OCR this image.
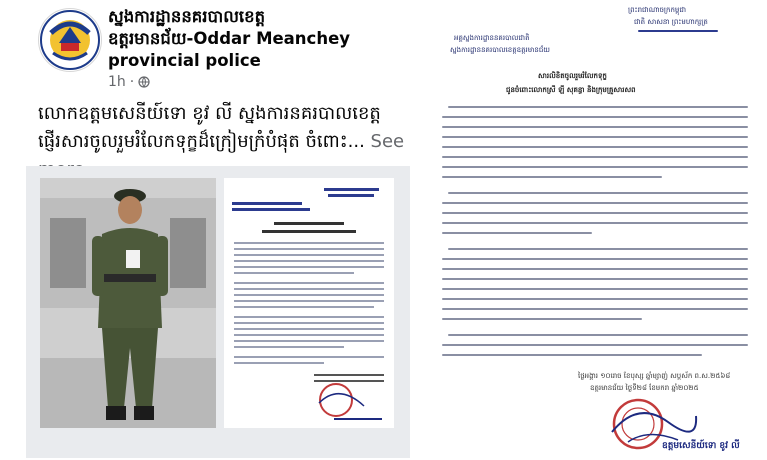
ស្នងការដ្ឋាននគរបាលខេត្ត
ឧត្តរមានជ័យ-Oddar Meanchey
provincial police
1h ·
លោកឧត្តមសេនីយ៍ទោ ខូវ លី ស្នងការនគរបាលខេត្ត ផ្ញើរសារចូលរួមរំលែកទុក្ខដ៏ក្រៀមក្រំបំផុត ចំពោះ... See
ព្រះរាជាណាចក្រកម្ពុជា
ជាតិ សាសនា ព្រះមហាក្សត្រ
អគ្គស្នងការដ្ឋាននគរបាលជាតិ
ស្នងការដ្ឋាននគរបាលខេត្តឧត្តរមានជ័យ
សារលិខិតចូលរួមរំលែកទុក្ខ
ជូនចំពោះលោកស្រី ឡី សុគន្ធា និងក្រុមគ្រួសារសព
ថ្ងៃអង្គារ ១០រោច ខែបុស្ស ឆ្នាំម្សាញ់ សប្តស័ក ព.ស.២៥៦៨
ឧត្តរមានជ័យ ថ្ងៃទី២៨ ខែមករា ឆ្នាំ២០២៥
ឧត្តមសេនីយ៍ទោ ខូវ លី
